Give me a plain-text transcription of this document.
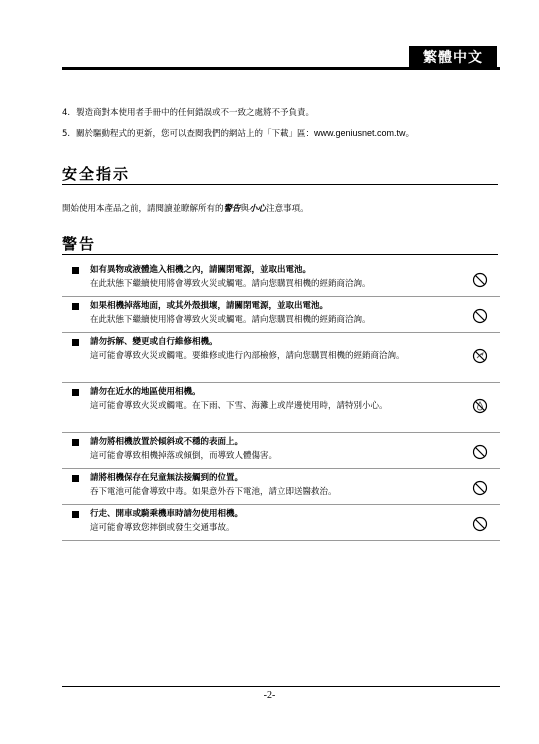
繁體中文
4. 製造商對本使用者手冊中的任何錯誤或不一致之處將不予負責。
5. 關於驅動程式的更新，您可以查閱我們的網站上的「下載」區：www.geniusnet.com.tw。
安全指示
開始使用本產品之前，請閱讀並瞭解所有的警告與小心注意事項。
警告
如有異物或液體進入相機之內，請關閉電源，並取出電池。
在此狀態下繼續使用將會導致火災或觸電。請向您購買相機的經銷商洽詢。
如果相機掉落地面，或其外殼損壞，請關閉電源，並取出電池。
在此狀態下繼續使用將會導致火災或觸電。請向您購買相機的經銷商洽詢。
請勿拆解、變更或自行維修相機。
這可能會導致火災或觸電。要維修或進行內部檢修，請向您購買相機的經銷商洽詢。
請勿在近水的地區使用相機。
這可能會導致火災或觸電。在下雨、下雪、海灘上或岸邊使用時，請特別小心。
請勿將相機放置於傾斜或不穩的表面上。
這可能會導致相機掉落或傾倒，而導致人體傷害。
請將相機保存在兒童無法接觸到的位置。
吞下電池可能會導致中毒。如果意外吞下電池，請立即送醫救治。
行走、開車或騎乘機車時請勿使用相機。
這可能會導致您摔倒或發生交通事故。
-2-
